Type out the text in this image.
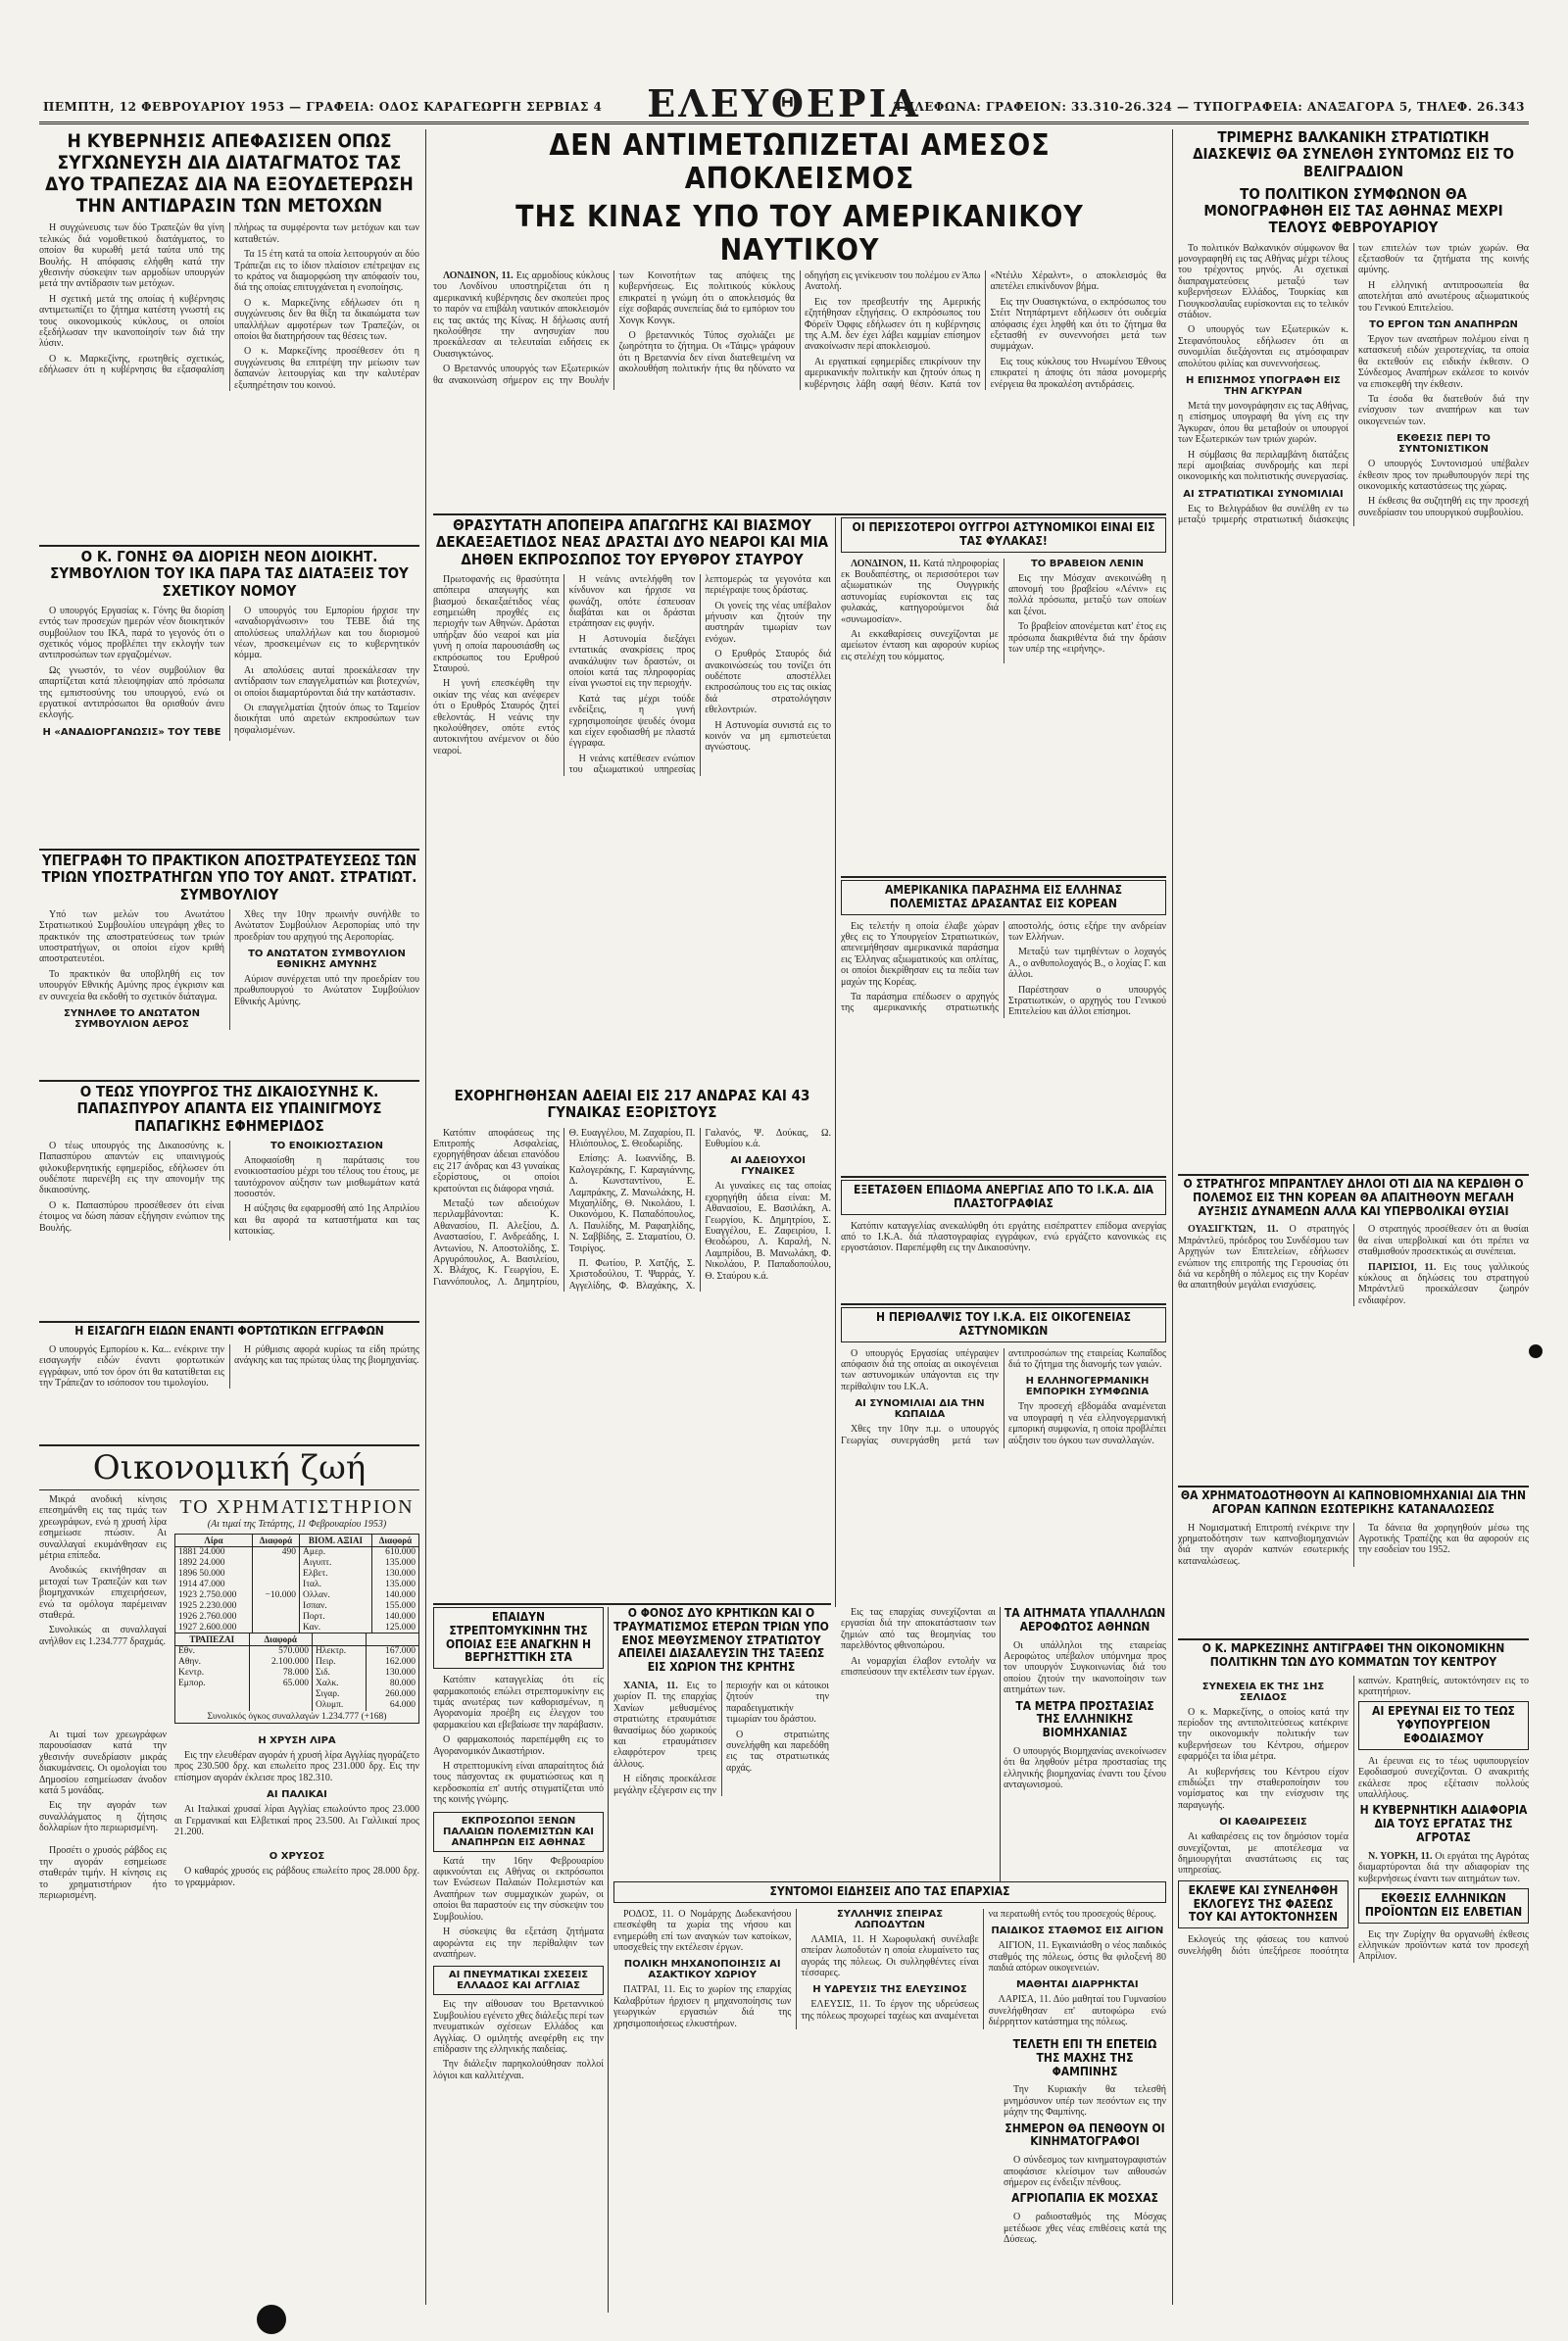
ΠΕΜΠΤΗ, 12 ΦΕΒΡΟΥΑΡΙΟΥ 1953 — ΓΡΑΦΕΙΑ: ΟΔΟΣ ΚΑΡΑΓΕΩΡΓΗ ΣΕΡΒΙΑΣ 4 ΕΛΕΥΘΕΡΙΑ
ΤΗΛΕΦΩΝΑ: ΓΡΑΦΕΙΟΝ: 33.310-26.324 — ΤΥΠΟΓΡΑΦΕΙΑ: ΑΝΑΞΑΓΟΡΑ 5, ΤΗΛΕΦ. 26.343
Η ΚΥΒΕΡΝΗΣΙΣ ΑΠΕΦΑΣΙΣΕΝ ΟΠΩΣ ΣΥΓΧΩΝΕΥΣΗ ΔΙΑ ΔΙΑΤΑΓΜΑΤΟΣ ΤΑΣ ΔΥΟ ΤΡΑΠΕΖΑΣ ΔΙΑ ΝΑ ΕΞΟΥΔΕΤΕΡΩΣΗ ΤΗΝ ΑΝΤΙΔΡΑΣΙΝ ΤΩΝ ΜΕΤΟΧΩΝ

Η συγχώνευσις των δύο Τραπεζών θα γίνη τελικώς διά νομοθετικού διατάγματος, το οποίον θα κυρωθή μετά ταύτα υπό της Βουλής. Η απόφασις ελήφθη κατά την χθεσινήν σύσκεψιν των αρμοδίων υπουργών μετά την αντίδρασιν των μετόχων.

Η σχετική μετά της οποίας ή κυβέρνησις αντιμετωπίζει το ζήτημα κατέστη γνωστή εις τους οικονομικούς κύκλους, οι οποίοι εξεδήλωσαν την ικανοποίησίν των διά την λύσιν.

Ο κ. Μαρκεζίνης, ερωτηθείς σχετικώς, εδήλωσεν ότι η κυβέρνησις θα εξασφαλίση πλήρως τα συμφέροντα των μετόχων και των καταθετών.

Τα 15 έτη κατά τα οποία λειτουργούν αι δύο Τράπεζαι εις το ίδιον πλαίσιον επέτρεψαν εις το κράτος να διαμορφώση την απόφασίν του, διά της οποίας επιτυγχάνεται η ενοποίησις.

Ο κ. Μαρκεζίνης εδήλωσεν ότι η συγχώνευσις δεν θα θίξη τα δικαιώματα των υπαλλήλων αμφοτέρων των Τραπεζών, οι οποίοι θα διατηρήσουν τας θέσεις των.

Ο κ. Μαρκεζίνης προσέθεσεν ότι η συγχώνευσις θα επιτρέψη την μείωσιν των δαπανών λειτουργίας και την καλυτέραν εξυπηρέτησιν του κοινού.

Ο Κ. ΓΟΝΗΣ ΘΑ ΔΙΟΡΙΣΗ ΝΕΟΝ ΔΙΟΙΚΗΤ. ΣΥΜΒΟΥΛΙΟΝ ΤΟΥ ΙΚΑ ΠΑΡΑ ΤΑΣ ΔΙΑΤΑΞΕΙΣ ΤΟΥ ΣΧΕΤΙΚΟΥ ΝΟΜΟΥ

Ο υπουργός Εργασίας κ. Γόνης θα διορίση εντός των προσεχών ημερών νέον διοικητικόν συμβούλιον του ΙΚΑ, παρά το γεγονός ότι ο σχετικός νόμος προβλέπει την εκλογήν των αντιπροσώπων των εργαζομένων.

Ως γνωστόν, το νέον συμβούλιον θα απαρτίζεται κατά πλειοψηφίαν από πρόσωπα της εμπιστοσύνης του υπουργού, ενώ οι εργατικοί αντιπρόσωποι θα ορισθούν άνευ εκλογής.

Η «ΑΝΑΔΙΟΡΓΑΝΩΣΙΣ» ΤΟΥ ΤΕΒΕ

Ο υπουργός του Εμπορίου ήρχισε την «αναδιοργάνωσιν» του ΤΕΒΕ διά της απολύσεως υπαλλήλων και του διορισμού νέων, προσκειμένων εις το κυβερνητικόν κόμμα.

Αι απολύσεις αυταί προεκάλεσαν την αντίδρασιν των επαγγελματιών και βιοτεχνών, οι οποίοι διαμαρτύρονται διά την κατάστασιν.

Οι επαγγελματίαι ζητούν όπως το Ταμείον διοικήται υπό αιρετών εκπροσώπων των ησφαλισμένων.

ΥΠΕΓΡΑΦΗ ΤΟ ΠΡΑΚΤΙΚΟΝ ΑΠΟΣΤΡΑΤΕΥΣΕΩΣ ΤΩΝ ΤΡΙΩΝ ΥΠΟΣΤΡΑΤΗΓΩΝ ΥΠΟ ΤΟΥ ΑΝΩΤ. ΣΤΡΑΤΙΩΤ. ΣΥΜΒΟΥΛΙΟΥ

Υπό των μελών του Ανωτάτου Στρατιωτικού Συμβουλίου υπεγράφη χθες το πρακτικόν της αποστρατεύσεως των τριών υποστρατήγων, οι οποίοι είχον κριθή αποστρατευτέοι.

Το πρακτικόν θα υποβληθή εις τον υπουργόν Εθνικής Αμύνης προς έγκρισιν και εν συνεχεία θα εκδοθή το σχετικόν διάταγμα.

ΣΥΝΗΛΘΕ ΤΟ ΑΝΩΤΑΤΟΝ ΣΥΜΒΟΥΛΙΟΝ ΑΕΡΟΣ

Χθες την 10ην πρωινήν συνήλθε το Ανώτατον Συμβούλιον Αεροπορίας υπό την προεδρίαν του αρχηγού της Αεροπορίας.

ΤΟ ΑΝΩΤΑΤΟΝ ΣΥΜΒΟΥΛΙΟΝ ΕΘΝΙΚΗΣ ΑΜΥΝΗΣ

Αύριον συνέρχεται υπό την προεδρίαν του πρωθυπουργού το Ανώτατον Συμβούλιον Εθνικής Αμύνης.

Ο ΤΕΩΣ ΥΠΟΥΡΓΟΣ ΤΗΣ ΔΙΚΑΙΟΣΥΝΗΣ Κ. ΠΑΠΑΣΠΥΡΟΥ ΑΠΑΝΤΑ ΕΙΣ ΥΠΑΙΝΙΓΜΟΥΣ ΠΑΠΑΓΙΚΗΣ ΕΦΗΜΕΡΙΔΟΣ

Ο τέως υπουργός της Δικαιοσύνης κ. Παπασπύρου απαντών εις υπαινιγμούς φιλοκυβερνητικής εφημερίδος, εδήλωσεν ότι ουδέποτε παρενέβη εις την απονομήν της δικαιοσύνης.

Ο κ. Παπασπύρου προσέθεσεν ότι είναι έτοιμος να δώση πάσαν εξήγησιν ενώπιον της Βουλής.

ΤΟ ΕΝΟΙΚΙΟΣΤΑΣΙΟΝ

Αποφασίσθη η παράτασις του ενοικιοστασίου μέχρι του τέλους του έτους, με ταυτόχρονον αύξησιν των μισθωμάτων κατά ποσοστόν.

Η αύξησις θα εφαρμοσθή από 1ης Απριλίου και θα αφορά τα καταστήματα και τας κατοικίας.

Η ΕΙΣΑΓΩΓΗ ΕΙΔΩΝ ΕΝΑΝΤΙ ΦΟΡΤΩΤΙΚΩΝ ΕΓΓΡΑΦΩΝ

Ο υπουργός Εμπορίου κ. Κα... ενέκρινε την εισαγωγήν ειδών έναντι φορτωτικών εγγράφων, υπό τον όρον ότι θα κατατίθεται εις την Τράπεζαν το ισόποσον του τιμολογίου.

Η ρύθμισις αφορά κυρίως τα είδη πρώτης ανάγκης και τας πρώτας ύλας της βιομηχανίας.

Οικονομική ζωή

Μικρά ανοδική κίνησις επεσημάνθη εις τας τιμάς των χρεωγράφων, ενώ η χρυσή λίρα εσημείωσε πτώσιν. Αι συναλλαγαί εκυμάνθησαν εις μέτρια επίπεδα.

Ανοδικώς εκινήθησαν αι μετοχαί των Τραπεζών και των βιομηχανικών επιχειρήσεων, ενώ τα ομόλογα παρέμειναν σταθερά.

Συνολικώς αι συναλλαγαί ανήλθον εις 1.234.777 δραχμάς.

ΤΟ ΧΡΗΜΑΤΙΣΤΗΡΙΟΝ
(Αι τιμαί της Τετάρτης, 11 Φεβρουαρίου 1953)
Λίρα	Διαφορά	ΒΙΟΜ. ΑΞΙΑΙ	Διαφορά
1881 24.000	490	Αμερ.	610.000
1892 24.000		Αιγυπτ.	135.000
1896 50.000		Ελβετ.	130.000
1914 47.000		Ιταλ.	135.000
1923 2.750.000	−10.000	Ολλαν.	140.000
1925 2.230.000		Ισπαν.	155.000
1926 2.760.000		Πορτ.	140.000
1927 2.600.000		Καν.	125.000
ΤΡΑΠΕΖΑΙ	Διαφορά		
Εθν.	570.000	Ηλεκτρ.	167.000
Αθην.	2.100.000	Πειρ.	162.000
Κεντρ.	78.000	Σιδ.	130.000
Εμπορ.	65.000	Χαλκ.	80.000
		Σιγαρ.	260.000
		Ολυμπ.	64.000
Συνολικός όγκος συναλλαγών 1.234.777 (+168)

Αι τιμαί των χρεωγράφων παρουσίασαν κατά την χθεσινήν συνεδρίασιν μικράς διακυμάνσεις. Οι ομολογίαι του Δημοσίου εσημείωσαν άνοδον κατά 5 μονάδας.

Εις την αγοράν των συναλλάγματος η ζήτησις δολλαρίων ήτο περιωρισμένη.

Η ΧΡΥΣΗ ΛΙΡΑ

Εις την ελευθέραν αγοράν ή χρυσή λίρα Αγγλίας ηγοράζετο προς 230.500 δρχ. και επωλείτο προς 231.000 δρχ. Εις την επίσημον αγοράν έκλεισε προς 182.310.

ΑΙ ΠΑΛΙΚΑΙ

Αι Ιταλικαί χρυσαί λίραι Αγγλίας επωλούντο προς 23.000 αι Γερμανικαί και Ελβετικαί προς 23.500. Αι Γαλλικαί προς 21.200.

Προσέτι ο χρυσός ράβδος εις την αγοράν εσημείωσε σταθεράν τιμήν. Η κίνησις εις το χρηματιστήριον ήτο περιωρισμένη.

Ο ΧΡΥΣΟΣ

Ο καθαρός χρυσός εις ράβδους επωλείτο προς 28.000 δρχ. το γραμμάριον.

ΔΕΝ ΑΝΤΙΜΕΤΩΠΙΖΕΤΑΙ ΑΜΕΣΟΣ ΑΠΟΚΛΕΙΣΜΟΣ
ΤΗΣ ΚΙΝΑΣ ΥΠΟ ΤΟΥ ΑΜΕΡΙΚΑΝΙΚΟΥ ΝΑΥΤΙΚΟΥ

ΛΟΝΔΙΝΟΝ, 11. Εις αρμοδίους κύκλους του Λονδίνου υποστηρίζεται ότι η αμερικανική κυβέρνησις δεν σκοπεύει προς το παρόν να επιβάλη ναυτικόν αποκλεισμόν εις τας ακτάς της Κίνας. Η δήλωσις αυτή ηκολούθησε την ανησυχίαν που προεκάλεσαν αι τελευταίαι ειδήσεις εκ Ουασιγκτώνος.

Ο Βρεταννός υπουργός των Εξωτερικών θα ανακοινώση σήμερον εις την Βουλήν των Κοινοτήτων τας απόψεις της κυβερνήσεως. Εις πολιτικούς κύκλους επικρατεί η γνώμη ότι ο αποκλεισμός θα είχε σοβαράς συνεπείας διά το εμπόριον του Χονγκ Κονγκ.

Ο βρεταννικός Τύπος σχολιάζει με ζωηρότητα το ζήτημα. Οι «Τάιμς» γράφουν ότι η Βρεταννία δεν είναι διατεθειμένη να ακολουθήση πολιτικήν ήτις θα ηδύνατο να οδηγήση εις γενίκευσιν του πολέμου εν Άπω Ανατολή.

Εις τον πρεσβευτήν της Αμερικής εζητήθησαν εξηγήσεις. Ο εκπρόσωπος του Φόρεϊν Όφφις εδήλωσεν ότι η κυβέρνησις της Α.Μ. δεν έχει λάβει καμμίαν επίσημον ανακοίνωσιν περί αποκλεισμού.

Αι εργατικαί εφημερίδες επικρίνουν την αμερικανικήν πολιτικήν και ζητούν όπως η κυβέρνησις λάβη σαφή θέσιν. Κατά τον «Ντέιλυ Χέραλντ», ο αποκλεισμός θα απετέλει επικίνδυνον βήμα.

Εις την Ουασιγκτώνα, ο εκπρόσωπος του Στέιτ Ντηπάρτμεντ εδήλωσεν ότι ουδεμία απόφασις έχει ληφθή και ότι το ζήτημα θα εξετασθή εν συνεννοήσει μετά των συμμάχων.

Εις τους κύκλους του Ηνωμένου Έθνους επικρατεί η άποψις ότι πάσα μονομερής ενέργεια θα προκαλέση αντιδράσεις.

ΘΡΑΣΥΤΑΤΗ ΑΠΟΠΕΙΡΑ ΑΠΑΓΩΓΗΣ ΚΑΙ ΒΙΑΣΜΟΥ ΔΕΚΑΕΞΑΕΤΙΔΟΣ ΝΕΑΣ ΔΡΑΣΤΑΙ ΔΥΟ ΝΕΑΡΟΙ ΚΑΙ ΜΙΑ ΔΗΘΕΝ ΕΚΠΡΟΣΩΠΟΣ ΤΟΥ ΕΡΥΘΡΟΥ ΣΤΑΥΡΟΥ

Πρωτοφανής εις θρασύτητα απόπειρα απαγωγής και βιασμού δεκαεξαέτιδος νέας εσημειώθη προχθές εις περιοχήν των Αθηνών. Δράσται υπήρξαν δύο νεαροί και μία γυνή η οποία παρουσιάσθη ως εκπρόσωπος του Ερυθρού Σταυρού.

Η γυνή επεσκέφθη την οικίαν της νέας και ανέφερεν ότι ο Ερυθρός Σταυρός ζητεί εθελοντάς. Η νεάνις την ηκολούθησεν, οπότε εντός αυτοκινήτου ανέμενον οι δύο νεαροί.

Η νεάνις αντελήφθη τον κίνδυνον και ήρχισε να φωνάζη, οπότε έσπευσαν διαβάται και οι δράσται ετράπησαν εις φυγήν.

Η Αστυνομία διεξάγει εντατικάς ανακρίσεις προς ανακάλυψιν των δραστών, οι οποίοι κατά τας πληροφορίας είναι γνωστοί εις την περιοχήν.

Κατά τας μέχρι τούδε ενδείξεις, η γυνή εχρησιμοποίησε ψευδές όνομα και είχεν εφοδιασθή με πλαστά έγγραφα.

Η νεάνις κατέθεσεν ενώπιον του αξιωματικού υπηρεσίας λεπτομερώς τα γεγονότα και περιέγραψε τους δράστας.

Οι γονείς της νέας υπέβαλον μήνυσιν και ζητούν την αυστηράν τιμωρίαν των ενόχων.

Ο Ερυθρός Σταυρός διά ανακοινώσεώς του τονίζει ότι ουδέποτε αποστέλλει εκπροσώπους του εις τας οικίας διά στρατολόγησιν εθελοντριών.

Η Αστυνομία συνιστά εις το κοινόν να μη εμπιστεύεται αγνώστους.

ΕΧΟΡΗΓΗΘΗΣΑΝ ΑΔΕΙΑΙ ΕΙΣ 217 ΑΝΔΡΑΣ ΚΑΙ 43 ΓΥΝΑΙΚΑΣ ΕΞΟΡΙΣΤΟΥΣ

Κατόπιν αποφάσεως της Επιτροπής Ασφαλείας, εχορηγήθησαν άδειαι επανόδου εις 217 άνδρας και 43 γυναίκας εξορίστους, οι οποίοι κρατούνται εις διάφορα νησιά.

Μεταξύ των αδειούχων περιλαμβάνονται: Κ. Αθανασίου, Π. Αλεξίου, Δ. Αναστασίου, Γ. Ανδρεάδης, Ι. Αντωνίου, Ν. Αποστολίδης, Σ. Αργυρόπουλος, Α. Βασιλείου, Χ. Βλάχος, Κ. Γεωργίου, Ε. Γιαννόπουλος, Λ. Δημητρίου, Θ. Ευαγγέλου, Μ. Ζαχαρίου, Π. Ηλιόπουλος, Σ. Θεοδωρίδης.

Επίσης: Α. Ιωαννίδης, Β. Καλογεράκης, Γ. Καραγιάννης, Δ. Κωνσταντίνου, Ε. Λαμπράκης, Ζ. Μανωλάκης, Η. Μιχαηλίδης, Θ. Νικολάου, Ι. Οικονόμου, Κ. Παπαδόπουλος, Λ. Παυλίδης, Μ. Ραφαηλίδης, Ν. Σαββίδης, Ξ. Σταματίου, Ο. Τσιρίγος.

Π. Φωτίου, Ρ. Χατζής, Σ. Χριστοδούλου, Τ. Ψαρράς, Υ. Αγγελίδης, Φ. Βλαχάκης, Χ. Γαλανός, Ψ. Δούκας, Ω. Ευθυμίου κ.ά.

ΑΙ ΑΔΕΙΟΥΧΟΙ ΓΥΝΑΙΚΕΣ

Αι γυναίκες εις τας οποίας εχορηγήθη άδεια είναι: Μ. Αθανασίου, Ε. Βασιλάκη, Α. Γεωργίου, Κ. Δημητρίου, Σ. Ευαγγέλου, Ε. Ζαφειρίου, Ι. Θεοδώρου, Λ. Καραλή, Ν. Λαμπρίδου, Β. Μανωλάκη, Φ. Νικολάου, Ρ. Παπαδοπούλου, Θ. Σταύρου κ.ά.

ΕΠΑΙΔΥΝ ΣΤΡΕΠΤΟΜΥΚΙΝΗΝ ΤΗΣ ΟΠΟΙΑΣ ΕΞΕ ΑΝΑΓΚΗΝ Η ΒΕΡΓΗΣΤΤΙΚΗ ΣΤΑ

Κατόπιν καταγγελίας ότι είς φαρμακοποιός επώλει στρεπτομυκίνην εις τιμάς ανωτέρας των καθορισμένων, η Αγορανομία προέβη εις έλεγχον του φαρμακείου και εβεβαίωσε την παράβασιν.

Ο φαρμακοποιός παρεπέμφθη εις το Αγορανομικόν Δικαστήριον.

Η στρεπτομυκίνη είναι απαραίτητος διά τους πάσχοντας εκ φυματιώσεως και η κερδοσκοπία επ' αυτής στιγματίζεται υπό της κοινής γνώμης.

ΕΚΠΡΟΣΩΠΟΙ ΞΕΝΩΝ ΠΑΛΑΙΩΝ ΠΟΛΕΜΙΣΤΩΝ ΚΑΙ ΑΝΑΠΗΡΩΝ ΕΙΣ ΑΘΗΝΑΣ

Κατά την 16ην Φεβρουαρίου αφικνούνται εις Αθήνας οι εκπρόσωποι των Ενώσεων Παλαιών Πολεμιστών και Αναπήρων των συμμαχικών χωρών, οι οποίοι θα παραστούν εις την σύσκεψιν του Συμβουλίου.

Η σύσκεψις θα εξετάση ζητήματα αφορώντα εις την περίθαλψιν των αναπήρων.

ΑΙ ΠΝΕΥΜΑΤΙΚΑΙ ΣΧΕΣΕΙΣ ΕΛΛΑΔΟΣ ΚΑΙ ΑΓΓΛΙΑΣ

Εις την αίθουσαν του Βρεταννικού Συμβουλίου εγένετο χθες διάλεξις περί των πνευματικών σχέσεων Ελλάδος και Αγγλίας. Ο ομιλητής ανεφέρθη εις την επίδρασιν της ελληνικής παιδείας.

Την διάλεξιν παρηκολούθησαν πολλοί λόγιοι και καλλιτέχναι.

Ο ΦΟΝΟΣ ΔΥΟ ΚΡΗΤΙΚΩΝ ΚΑΙ Ο ΤΡΑΥΜΑΤΙΣΜΟΣ ΕΤΕΡΩΝ ΤΡΙΩΝ ΥΠΟ ΕΝΟΣ ΜΕΘΥΣΜΕΝΟΥ ΣΤΡΑΤΙΩΤΟΥ ΑΠΕΙΛΕΙ ΔΙΑΣΑΛΕΥΣΙΝ ΤΗΣ ΤΑΞΕΩΣ ΕΙΣ ΧΩΡΙΟΝ ΤΗΣ ΚΡΗΤΗΣ

ΧΑΝΙΑ, 11. Εις το χωρίον Π. της επαρχίας Χανίων μεθυσμένος στρατιώτης ετραυμάτισε θανασίμως δύο χωρικούς και ετραυμάτισεν ελαφρότερον τρεις άλλους.

Η είδησις προεκάλεσε μεγάλην εξέγερσιν εις την περιοχήν και οι κάτοικοι ζητούν την παραδειγματικήν τιμωρίαν του δράστου.

Ο στρατιώτης συνελήφθη και παρεδόθη εις τας στρατιωτικάς αρχάς.

ΣΥΝΤΟΜΟΙ ΕΙΔΗΣΕΙΣ ΑΠΟ ΤΑΣ ΕΠΑΡΧΙΑΣ

ΡΟΔΟΣ, 11. Ο Νομάρχης Δωδεκανήσου επεσκέφθη τα χωρία της νήσου και ενημερώθη επί των αναγκών των κατοίκων, υποσχεθείς την εκτέλεσιν έργων.

ΠΟΛΙΚΗ ΜΗΧΑΝΟΠΟΙΗΣΙΣ ΑΙ ΑΣΑΚΤΙΚΟΥ ΧΩΡΙΟΥ

ΠΑΤΡΑΙ, 11. Εις το χωρίον της επαρχίας Καλαβρύτων ήρχισεν η μηχανοποίησις των γεωργικών εργασιών διά της χρησιμοποιήσεως ελκυστήρων.

ΣΥΛΛΗΨΙΣ ΣΠΕΙΡΑΣ ΛΩΠΟΔΥΤΩΝ

ΛΑΜΙΑ, 11. Η Χωροφυλακή συνέλαβε σπείραν λωποδυτών η οποία ελυμαίνετο τας αγοράς της πόλεως. Οι συλληφθέντες είναι τέσσαρες.

Η ΥΔΡΕΥΣΙΣ ΤΗΣ ΕΛΕΥΣΙΝΟΣ

ΕΛΕΥΣΙΣ, 11. Το έργον της υδρεύσεως της πόλεως προχωρεί ταχέως και αναμένεται να περατωθή εντός του προσεχούς θέρους.

ΠΑΙΔΙΚΟΣ ΣΤΑΘΜΟΣ ΕΙΣ ΑΙΓΙΟΝ

ΑΙΓΙΟΝ, 11. Εγκαινιάσθη ο νέος παιδικός σταθμός της πόλεως, όστις θα φιλοξενή 80 παιδιά απόρων οικογενειών.

ΜΑΘΗΤΑΙ ΔΙΑΡΡΗΚΤΑΙ

ΛΑΡΙΣΑ, 11. Δύο μαθηταί του Γυμνασίου συνελήφθησαν επ' αυτοφώρω ενώ διέρρηττον κατάστημα της πόλεως.

ΟΙ ΠΕΡΙΣΣΟΤΕΡΟΙ ΟΥΓΓΡΟΙ ΑΣΤΥΝΟΜΙΚΟΙ ΕΙΝΑΙ ΕΙΣ ΤΑΣ ΦΥΛΑΚΑΣ!

ΛΟΝΔΙΝΟΝ, 11. Κατά πληροφορίας εκ Βουδαπέστης, οι περισσότεροι των αξιωματικών της Ουγγρικής αστυνομίας ευρίσκονται εις τας φυλακάς, κατηγορούμενοι διά «συνωμοσίαν».

Αι εκκαθαρίσεις συνεχίζονται με αμείωτον ένταση και αφορούν κυρίως εις στελέχη του κόμματος.

ΤΟ ΒΡΑΒΕΙΟΝ ΛΕΝΙΝ

Εις την Μόσχαν ανεκοινώθη η απονομή του βραβείου «Λένιν» εις πολλά πρόσωπα, μεταξύ των οποίων και ξένοι.

Το βραβείον απονέμεται κατ' έτος εις πρόσωπα διακριθέντα διά την δράσιν των υπέρ της «ειρήνης».

ΑΜΕΡΙΚΑΝΙΚΑ ΠΑΡΑΣΗΜΑ ΕΙΣ ΕΛΛΗΝΑΣ ΠΟΛΕΜΙΣΤΑΣ ΔΡΑΣΑΝΤΑΣ ΕΙΣ ΚΟΡΕΑΝ

Εις τελετήν η οποία έλαβε χώραν χθες εις το Υπουργείον Στρατιωτικών, απενεμήθησαν αμερικανικά παράσημα εις Έλληνας αξιωματικούς και οπλίτας, οι οποίοι διεκρίθησαν εις τα πεδία των μαχών της Κορέας.

Τα παράσημα επέδωσεν ο αρχηγός της αμερικανικής στρατιωτικής αποστολής, όστις εξήρε την ανδρείαν των Ελλήνων.

Μεταξύ των τιμηθέντων ο λοχαγός Α., ο ανθυπολοχαγός Β., ο λοχίας Γ. και άλλοι.

Παρέστησαν ο υπουργός Στρατιωτικών, ο αρχηγός του Γενικού Επιτελείου και άλλοι επίσημοι.

ΕΞΕΤΑΣΘΕΝ ΕΠΙΔΟΜΑ ΑΝΕΡΓΙΑΣ ΑΠΟ ΤΟ Ι.Κ.Α. ΔΙΑ ΠΛΑΣΤΟΓΡΑΦΙΑΣ

Κατόπιν καταγγελίας ανεκαλύφθη ότι εργάτης εισέπραττεν επίδομα ανεργίας από το Ι.Κ.Α. διά πλαστογραφίας εγγράφων, ενώ εργάζετο κανονικώς εις εργοστάσιον. Παρεπέμφθη εις την Δικαιοσύνην.

Η ΠΕΡΙΘΑΛΨΙΣ ΤΟΥ Ι.Κ.Α. ΕΙΣ ΟΙΚΟΓΕΝΕΙΑΣ ΑΣΤΥΝΟΜΙΚΩΝ

Ο υπουργός Εργασίας υπέγραψεν απόφασιν διά της οποίας αι οικογένειαι των αστυνομικών υπάγονται εις την περίθαλψιν του Ι.Κ.Α.

ΑΙ ΣΥΝΟΜΙΛΙΑΙ ΔΙΑ ΤΗΝ ΚΩΠΑΙΔΑ

Χθες την 10ην π.μ. ο υπουργός Γεωργίας συνεργάσθη μετά των αντιπροσώπων της εταιρείας Κωπαΐδος διά το ζήτημα της διανομής των γαιών.

Η ΕΛΛΗΝΟΓΕΡΜΑΝΙΚΗ ΕΜΠΟΡΙΚΗ ΣΥΜΦΩΝΙΑ

Την προσεχή εβδομάδα αναμένεται να υπογραφή η νέα ελληνογερμανική εμπορική συμφωνία, η οποία προβλέπει αύξησιν του όγκου των συναλλαγών.

Εις τας επαρχίας συνεχίζονται αι εργασίαι διά την αποκατάστασιν των ζημιών από τας θεομηνίας του παρελθόντος φθινοπώρου.

Αι νομαρχίαι έλαβον εντολήν να επισπεύσουν την εκτέλεσιν των έργων.

ΤΑ ΑΙΤΗΜΑΤΑ ΥΠΑΛΛΗΛΩΝ ΑΕΡΟΦΩΤΟΣ ΑΘΗΝΩΝ

Οι υπάλληλοι της εταιρείας Αεροφώτος υπέβαλον υπόμνημα προς τον υπουργόν Συγκοινωνίας διά του οποίου ζητούν την ικανοποίησιν των αιτημάτων των.

ΤΑ ΜΕΤΡΑ ΠΡΟΣΤΑΣΙΑΣ ΤΗΣ ΕΛΛΗΝΙΚΗΣ ΒΙΟΜΗΧΑΝΙΑΣ

Ο υπουργός Βιομηχανίας ανεκοίνωσεν ότι θα ληφθούν μέτρα προστασίας της ελληνικής βιομηχανίας έναντι του ξένου ανταγωνισμού.

ΤΕΛΕΤΗ ΕΠΙ ΤΗ ΕΠΕΤΕΙΩ ΤΗΣ ΜΑΧΗΣ ΤΗΣ ΦΑΜΠΙΝΗΣ

Την Κυριακήν θα τελεσθή μνημόσυνον υπέρ των πεσόντων εις την μάχην της Φαμπίνης.

ΣΗΜΕΡΟΝ ΘΑ ΠΕΝΘΟΥΝ ΟΙ ΚΙΝΗΜΑΤΟΓΡΑΦΟΙ

Ο σύνδεσμος των κινηματογραφιστών αποφάσισε κλείσιμον των αιθουσών σήμερον εις ένδειξιν πένθους.

ΑΓΡΙΟΠΑΠΙΑ ΕΚ ΜΟΣΧΑΣ

Ο ραδιοσταθμός της Μόσχας μετέδωσε χθες νέας επιθέσεις κατά της Δύσεως.

ΤΡΙΜΕΡΗΣ ΒΑΛΚΑΝΙΚΗ ΣΤΡΑΤΙΩΤΙΚΗ ΔΙΑΣΚΕΨΙΣ ΘΑ ΣΥΝΕΛΘΗ ΣΥΝΤΟΜΩΣ ΕΙΣ ΤΟ ΒΕΛΙΓΡΑΔΙΟΝ
ΤΟ ΠΟΛΙΤΙΚΟΝ ΣΥΜΦΩΝΟΝ ΘΑ ΜΟΝΟΓΡΑΦΗΘΗ ΕΙΣ ΤΑΣ ΑΘΗΝΑΣ ΜΕΧΡΙ ΤΕΛΟΥΣ ΦΕΒΡΟΥΑΡΙΟΥ

Το πολιτικόν Βαλκανικόν σύμφωνον θα μονογραφηθή εις τας Αθήνας μέχρι τέλους του τρέχοντος μηνός. Αι σχετικαί διαπραγματεύσεις μεταξύ των κυβερνήσεων Ελλάδος, Τουρκίας και Γιουγκοσλαυΐας ευρίσκονται εις το τελικόν στάδιον.

Ο υπουργός των Εξωτερικών κ. Στεφανόπουλος εδήλωσεν ότι αι συνομιλίαι διεξάγονται εις ατμόσφαιραν απολύτου φιλίας και συνεννοήσεως.

Η ΕΠΙΣΗΜΟΣ ΥΠΟΓΡΑΦΗ ΕΙΣ ΤΗΝ ΑΓΚΥΡΑΝ

Μετά την μονογράφησιν εις τας Αθήνας, η επίσημος υπογραφή θα γίνη εις την Άγκυραν, όπου θα μεταβούν οι υπουργοί των Εξωτερικών των τριών χωρών.

Η σύμβασις θα περιλαμβάνη διατάξεις περί αμοιβαίας συνδρομής και περί οικονομικής και πολιτιστικής συνεργασίας.

ΑΙ ΣΤΡΑΤΙΩΤΙΚΑΙ ΣΥΝΟΜΙΛΙΑΙ

Εις το Βελιγράδιον θα συνέλθη εν τω μεταξύ τριμερής στρατιωτική διάσκεψις των επιτελών των τριών χωρών. Θα εξετασθούν τα ζητήματα της κοινής αμύνης.

Η ελληνική αντιπροσωπεία θα αποτελήται από ανωτέρους αξιωματικούς του Γενικού Επιτελείου.

ΤΟ ΕΡΓΟΝ ΤΩΝ ΑΝΑΠΗΡΩΝ

Έργον των αναπήρων πολέμου είναι η κατασκευή ειδών χειροτεχνίας, τα οποία θα εκτεθούν εις ειδικήν έκθεσιν. Ο Σύνδεσμος Αναπήρων εκάλεσε το κοινόν να επισκεφθή την έκθεσιν.

Τα έσοδα θα διατεθούν διά την ενίσχυσιν των αναπήρων και των οικογενειών των.

ΕΚΘΕΣΙΣ ΠΕΡΙ ΤΟ ΣΥΝΤΟΝΙΣΤΙΚΟΝ

Ο υπουργός Συντονισμού υπέβαλεν έκθεσιν προς τον πρωθυπουργόν περί της οικονομικής καταστάσεως της χώρας.

Η έκθεσις θα συζητηθή εις την προσεχή συνεδρίασιν του υπουργικού συμβουλίου.

Ο ΣΤΡΑΤΗΓΟΣ ΜΠΡΑΝΤΛΕΫ ΔΗΛΟΙ ΟΤΙ ΔΙΑ ΝΑ ΚΕΡΔΙΘΗ Ο ΠΟΛΕΜΟΣ ΕΙΣ ΤΗΝ ΚΟΡΕΑΝ ΘΑ ΑΠΑΙΤΗΘΟΥΝ ΜΕΓΑΛΗ ΑΥΞΗΣΙΣ ΔΥΝΑΜΕΩΝ ΑΛΛΑ ΚΑΙ ΥΠΕΡΒΟΛΙΚΑΙ ΘΥΣΙΑΙ

ΟΥΑΣΙΓΚΤΩΝ, 11. Ο στρατηγός Μπράντλεϋ, πρόεδρος του Συνδέσμου των Αρχηγών των Επιτελείων, εδήλωσεν ενώπιον της επιτροπής της Γερουσίας ότι διά να κερδηθή ο πόλεμος εις την Κορέαν θα απαιτηθούν μεγάλαι ενισχύσεις.

Ο στρατηγός προσέθεσεν ότι αι θυσίαι θα είναι υπερβολικαί και ότι πρέπει να σταθμισθούν προσεκτικώς αι συνέπειαι.

ΠΑΡΙΣΙΟΙ, 11. Εις τους γαλλικούς κύκλους αι δηλώσεις του στρατηγού Μπράντλεϋ προεκάλεσαν ζωηρόν ενδιαφέρον.

ΘΑ ΧΡΗΜΑΤΟΔΟΤΗΘΟΥΝ ΑΙ ΚΑΠΝΟΒΙΟΜΗΧΑΝΙΑΙ ΔΙΑ ΤΗΝ ΑΓΟΡΑΝ ΚΑΠΝΩΝ ΕΣΩΤΕΡΙΚΗΣ ΚΑΤΑΝΑΛΩΣΕΩΣ

Η Νομισματική Επιτροπή ενέκρινε την χρηματοδότησιν των καπνοβιομηχανιών διά την αγοράν καπνών εσωτερικής καταναλώσεως.

Τα δάνεια θα χορηγηθούν μέσω της Αγροτικής Τραπέζης και θα αφορούν εις την εσοδείαν του 1952.

Ο Κ. ΜΑΡΚΕΖΙΝΗΣ ΑΝΤΙΓΡΑΦΕΙ ΤΗΝ ΟΙΚΟΝΟΜΙΚΗΝ ΠΟΛΙΤΙΚΗΝ ΤΩΝ ΔΥΟ ΚΟΜΜΑΤΩΝ ΤΟΥ ΚΕΝΤΡΟΥ
ΣΥΝΕΧΕΙΑ ΕΚ ΤΗΣ 1ΗΣ ΣΕΛΙΔΟΣ

Ο κ. Μαρκεζίνης, ο οποίος κατά την περίοδον της αντιπολιτεύσεως κατέκρινε την οικονομικήν πολιτικήν των κυβερνήσεων του Κέντρου, σήμερον εφαρμόζει τα ίδια μέτρα.

Αι κυβερνήσεις του Κέντρου είχον επιδιώξει την σταθεροποίησιν του νομίσματος και την ενίσχυσιν της παραγωγής.

ΟΙ ΚΑΘΑΙΡΕΣΕΙΣ

Αι καθαιρέσεις εις τον δημόσιον τομέα συνεχίζονται, με αποτέλεσμα να δημιουργήται αναστάτωσις εις τας υπηρεσίας.

ΕΚΛΕΨΕ ΚΑΙ ΣΥΝΕΛΗΦΘΗ ΕΚΛΟΓΕΥΣ ΤΗΣ ΦΑΣΕΩΣ ΤΟΥ ΚΑΙ ΑΥΤΟΚΤΟΝΗΣΕΝ

Εκλογεύς της φάσεως του καπνού συνελήφθη διότι ύπεξήρεσε ποσότητα καπνών. Κρατηθείς, αυτοκτόνησεν εις το κρατητήριον.

ΑΙ ΕΡΕΥΝΑΙ ΕΙΣ ΤΟ ΤΕΩΣ ΥΦΥΠΟΥΡΓΕΙΟΝ ΕΦΟΔΙΑΣΜΟΥ

Αι έρευναι εις το τέως υφυπουργείον Εφοδιασμού συνεχίζονται. Ο ανακριτής εκάλεσε προς εξέτασιν πολλούς υπαλλήλους.

Η ΚΥΒΕΡΝΗΤΙΚΗ ΑΔΙΑΦΟΡΙΑ ΔΙΑ ΤΟΥΣ ΕΡΓΑΤΑΣ ΤΗΣ ΑΓΡΟΤΑΣ

Ν. ΥΟΡΚΗ, 11. Οι εργάται της Αγρότας διαμαρτύρονται διά την αδιαφορίαν της κυβερνήσεως έναντι των αιτημάτων των.

ΕΚΘΕΣΙΣ ΕΛΛΗΝΙΚΩΝ ΠΡΟΪΟΝΤΩΝ ΕΙΣ ΕΛΒΕΤΙΑΝ

Εις την Ζυρίχην θα οργανωθή έκθεσις ελληνικών προϊόντων κατά τον προσεχή Απρίλιον.
